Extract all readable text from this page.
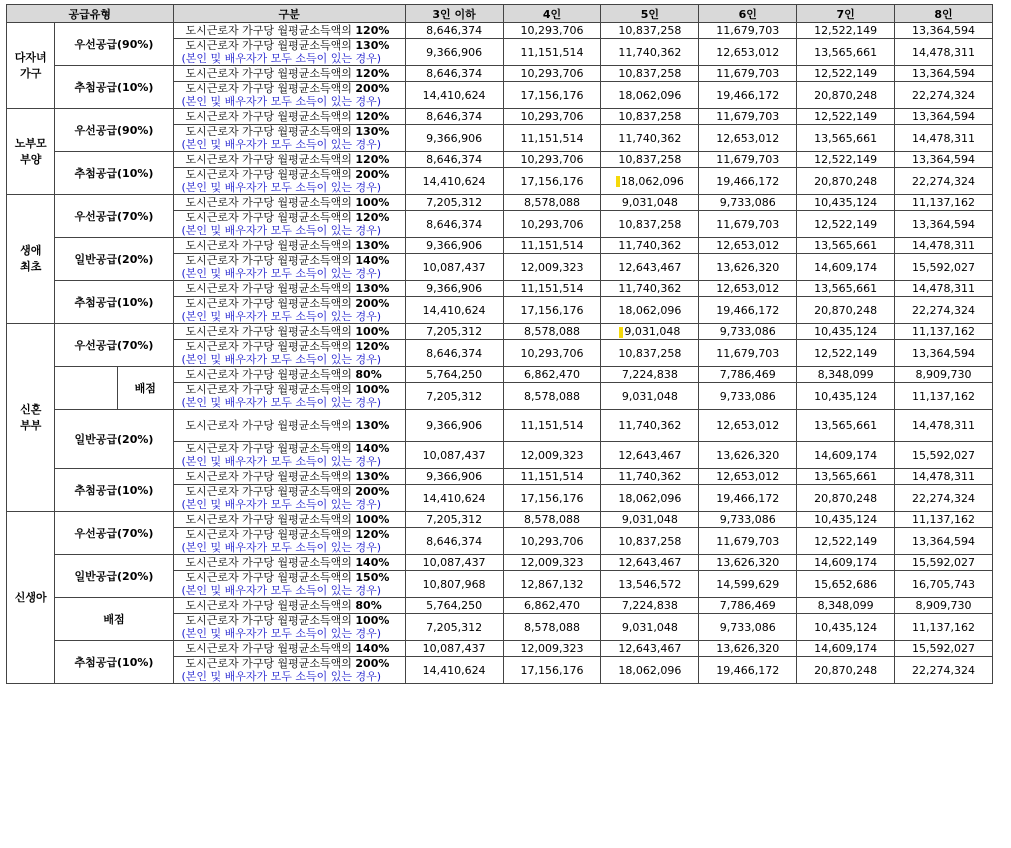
공급유형			구분	3인 이하	4인	5인	6인	7인	8인
다자녀
가구	우선공급(90%)		도시근로자 가구당 월평균소득액의 120%	8,646,374	10,293,706	10,837,258	11,679,703	12,522,149	13,364,594

			도시근로자 가구당 월평균소득액의 130%
(본인 및 배우자가 모두 소득이 있는 경우)	9,366,906	11,151,514	11,740,362	12,653,012	13,565,661	14,478,311
	추첨공급(10%)		도시근로자 가구당 월평균소득액의 120%	8,646,374	10,293,706	10,837,258	11,679,703	12,522,149	13,364,594

			도시근로자 가구당 월평균소득액의 200%
(본인 및 배우자가 모두 소득이 있는 경우)	14,410,624	17,156,176	18,062,096	19,466,172	20,870,248	22,274,324
노부모
부양	우선공급(90%)		도시근로자 가구당 월평균소득액의 120%	8,646,374	10,293,706	10,837,258	11,679,703	12,522,149	13,364,594

			도시근로자 가구당 월평균소득액의 130%
(본인 및 배우자가 모두 소득이 있는 경우)	9,366,906	11,151,514	11,740,362	12,653,012	13,565,661	14,478,311
	추첨공급(10%)		도시근로자 가구당 월평균소득액의 120%	8,646,374	10,293,706	10,837,258	11,679,703	12,522,149	13,364,594

			도시근로자 가구당 월평균소득액의 200%
(본인 및 배우자가 모두 소득이 있는 경우)	14,410,624	17,156,176	18,062,096	19,466,172	20,870,248	22,274,324
생애
최초	우선공급(70%)		도시근로자 가구당 월평균소득액의 100%	7,205,312	8,578,088	9,031,048	9,733,086	10,435,124	11,137,162

			도시근로자 가구당 월평균소득액의 120%
(본인 및 배우자가 모두 소득이 있는 경우)	8,646,374	10,293,706	10,837,258	11,679,703	12,522,149	13,364,594
	일반공급(20%)		도시근로자 가구당 월평균소득액의 130%	9,366,906	11,151,514	11,740,362	12,653,012	13,565,661	14,478,311

			도시근로자 가구당 월평균소득액의 140%
(본인 및 배우자가 모두 소득이 있는 경우)	10,087,437	12,009,323	12,643,467	13,626,320	14,609,174	15,592,027
	추첨공급(10%)		도시근로자 가구당 월평균소득액의 130%	9,366,906	11,151,514	11,740,362	12,653,012	13,565,661	14,478,311

			도시근로자 가구당 월평균소득액의 200%
(본인 및 배우자가 모두 소득이 있는 경우)	14,410,624	17,156,176	18,062,096	19,466,172	20,870,248	22,274,324
신혼
부부	우선공급(70%)		도시근로자 가구당 월평균소득액의 100%	7,205,312	8,578,088	9,031,048	9,733,086	10,435,124	11,137,162

			도시근로자 가구당 월평균소득액의 120%
(본인 및 배우자가 모두 소득이 있는 경우)	8,646,374	10,293,706	10,837,258	11,679,703	12,522,149	13,364,594
		배점	도시근로자 가구당 월평균소득액의 80%	5,764,250	6,862,470	7,224,838	7,786,469	8,348,099	8,909,730

			도시근로자 가구당 월평균소득액의 100%
(본인 및 배우자가 모두 소득이 있는 경우)	7,205,312	8,578,088	9,031,048	9,733,086	10,435,124	11,137,162
	일반공급(20%)		도시근로자 가구당 월평균소득액의 130%	9,366,906	11,151,514	11,740,362	12,653,012	13,565,661	14,478,311

			도시근로자 가구당 월평균소득액의 140%
(본인 및 배우자가 모두 소득이 있는 경우)	10,087,437	12,009,323	12,643,467	13,626,320	14,609,174	15,592,027
	추첨공급(10%)		도시근로자 가구당 월평균소득액의 130%	9,366,906	11,151,514	11,740,362	12,653,012	13,565,661	14,478,311

			도시근로자 가구당 월평균소득액의 200%
(본인 및 배우자가 모두 소득이 있는 경우)	14,410,624	17,156,176	18,062,096	19,466,172	20,870,248	22,274,324
신생아	우선공급(70%)		도시근로자 가구당 월평균소득액의 100%	7,205,312	8,578,088	9,031,048	9,733,086	10,435,124	11,137,162

			도시근로자 가구당 월평균소득액의 120%
(본인 및 배우자가 모두 소득이 있는 경우)	8,646,374	10,293,706	10,837,258	11,679,703	12,522,149	13,364,594
	일반공급(20%)		도시근로자 가구당 월평균소득액의 140%	10,087,437	12,009,323	12,643,467	13,626,320	14,609,174	15,592,027

			도시근로자 가구당 월평균소득액의 150%
(본인 및 배우자가 모두 소득이 있는 경우)	10,807,968	12,867,132	13,546,572	14,599,629	15,652,686	16,705,743
	배점		도시근로자 가구당 월평균소득액의 80%	5,764,250	6,862,470	7,224,838	7,786,469	8,348,099	8,909,730

			도시근로자 가구당 월평균소득액의 100%
(본인 및 배우자가 모두 소득이 있는 경우)	7,205,312	8,578,088	9,031,048	9,733,086	10,435,124	11,137,162
	추첨공급(10%)		도시근로자 가구당 월평균소득액의 140%	10,087,437	12,009,323	12,643,467	13,626,320	14,609,174	15,592,027

			도시근로자 가구당 월평균소득액의 200%
(본인 및 배우자가 모두 소득이 있는 경우)	14,410,624	17,156,176	18,062,096	19,466,172	20,870,248	22,274,324
